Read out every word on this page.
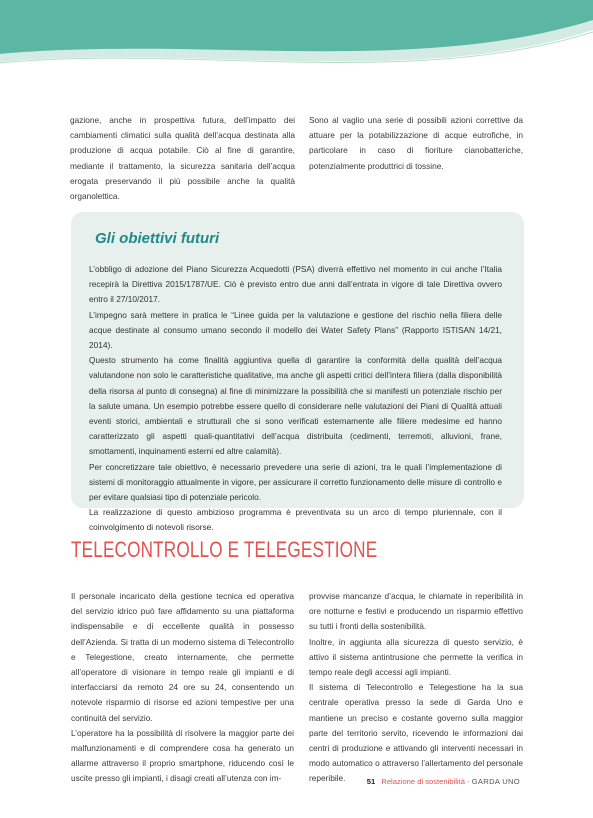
gazione, anche in prospettiva futura, dell’impatto dei cambiamenti climatici sulla qualità dell’acqua destinata alla produzione di acqua potabile. Ciò al fine di garantire, mediante il trattamento, la sicurezza sanitaria dell’acqua erogata preservando il più possibile anche la qualità organolettica.

Sono al vaglio una serie di possibili azioni correttive da attuare per la potabilizzazione di acque eutrofiche, in particolare in caso di fioriture cianobatteriche, potenzialmente produttrici di tossine.

Gli obiettivi futuri

L’obbligo di adozione del Piano Sicurezza Acquedotti (PSA) diverrà effettivo nel momento in cui anche l’Italia recepirà la Direttiva 2015/1787/UE. Ciò è previsto entro due anni dall’entrata in vigore di tale Direttiva ovvero entro il 27/10/2017.

L’impegno sarà mettere in pratica le “Linee guida per la valutazione e gestione del rischio nella filiera delle acque destinate al consumo umano secondo il modello dei Water Safety Plans” (Rapporto ISTISAN 14/21, 2014).

Questo strumento ha come finalità aggiuntiva quella di garantire la conformità della qualità dell’acqua valutandone non solo le caratteristiche qualitative, ma anche gli aspetti critici dell’intera filiera (dalla disponibilità della risorsa al punto di consegna) al fine di minimizzare la possibilità che si manifesti un potenziale rischio per la salute umana. Un esempio potrebbe essere quello di considerare nelle valutazioni dei Piani di Qualità attuali eventi storici, ambientali e strutturali che si sono verificati esternamente alle filiere medesime ed hanno caratterizzato gli aspetti quali-quantitativi dell’acqua distribuita (cedimenti, terremoti, alluvioni, frane, smottamenti, inquinamenti esterni ed altre calamità).

Per concretizzare tale obiettivo, è necessario prevedere una serie di azioni, tra le quali l’implementazione di sistemi di monitoraggio attualmente in vigore, per assicurare il corretto funzionamento delle misure di controllo e per evitare qualsiasi tipo di potenziale pericolo.

La realizzazione di questo ambizioso programma è preventivata su un arco di tempo pluriennale, con il coinvolgimento di notevoli risorse.

TELECONTROLLO E TELEGESTIONE

Il personale incaricato della gestione tecnica ed operativa del servizio idrico può fare affidamento su una piattaforma indispensabile e di eccellente qualità in possesso dell’Azienda. Si tratta di un moderno sistema di Telecontrollo e Telegestione, creato internamente, che permette all’operatore di visionare in tempo reale gli impianti e di interfacciarsi da remoto 24 ore su 24, consentendo un notevole risparmio di risorse ed azioni tempestive per una continuità del servizio.

L’operatore ha la possibilità di risolvere la maggior parte dei malfunzionamenti e di comprendere cosa ha generato un allarme attraverso il proprio smartphone, riducendo così le uscite presso gli impianti, i disagi creati all’utenza con im-

provvise mancanze d’acqua, le chiamate in reperibilità in ore notturne e festivi e producendo un risparmio effettivo su tutti i fronti della sostenibilità.

Inoltre, in aggiunta alla sicurezza di questo servizio, è attivo il sistema antintrusione che permette la verifica in tempo reale degli accessi agli impianti.

Il sistema di Telecontrollo e Telegestione ha la sua centrale operativa presso la sede di Garda Uno e mantiene un preciso e costante governo sulla maggior parte del territorio servito, ricevendo le informazioni dai centri di produzione e attivando gli interventi necessari in modo automatico o attraverso l’allertamento del personale reperibile.	51 Relazione di sostenibilità - GARDA UNO
